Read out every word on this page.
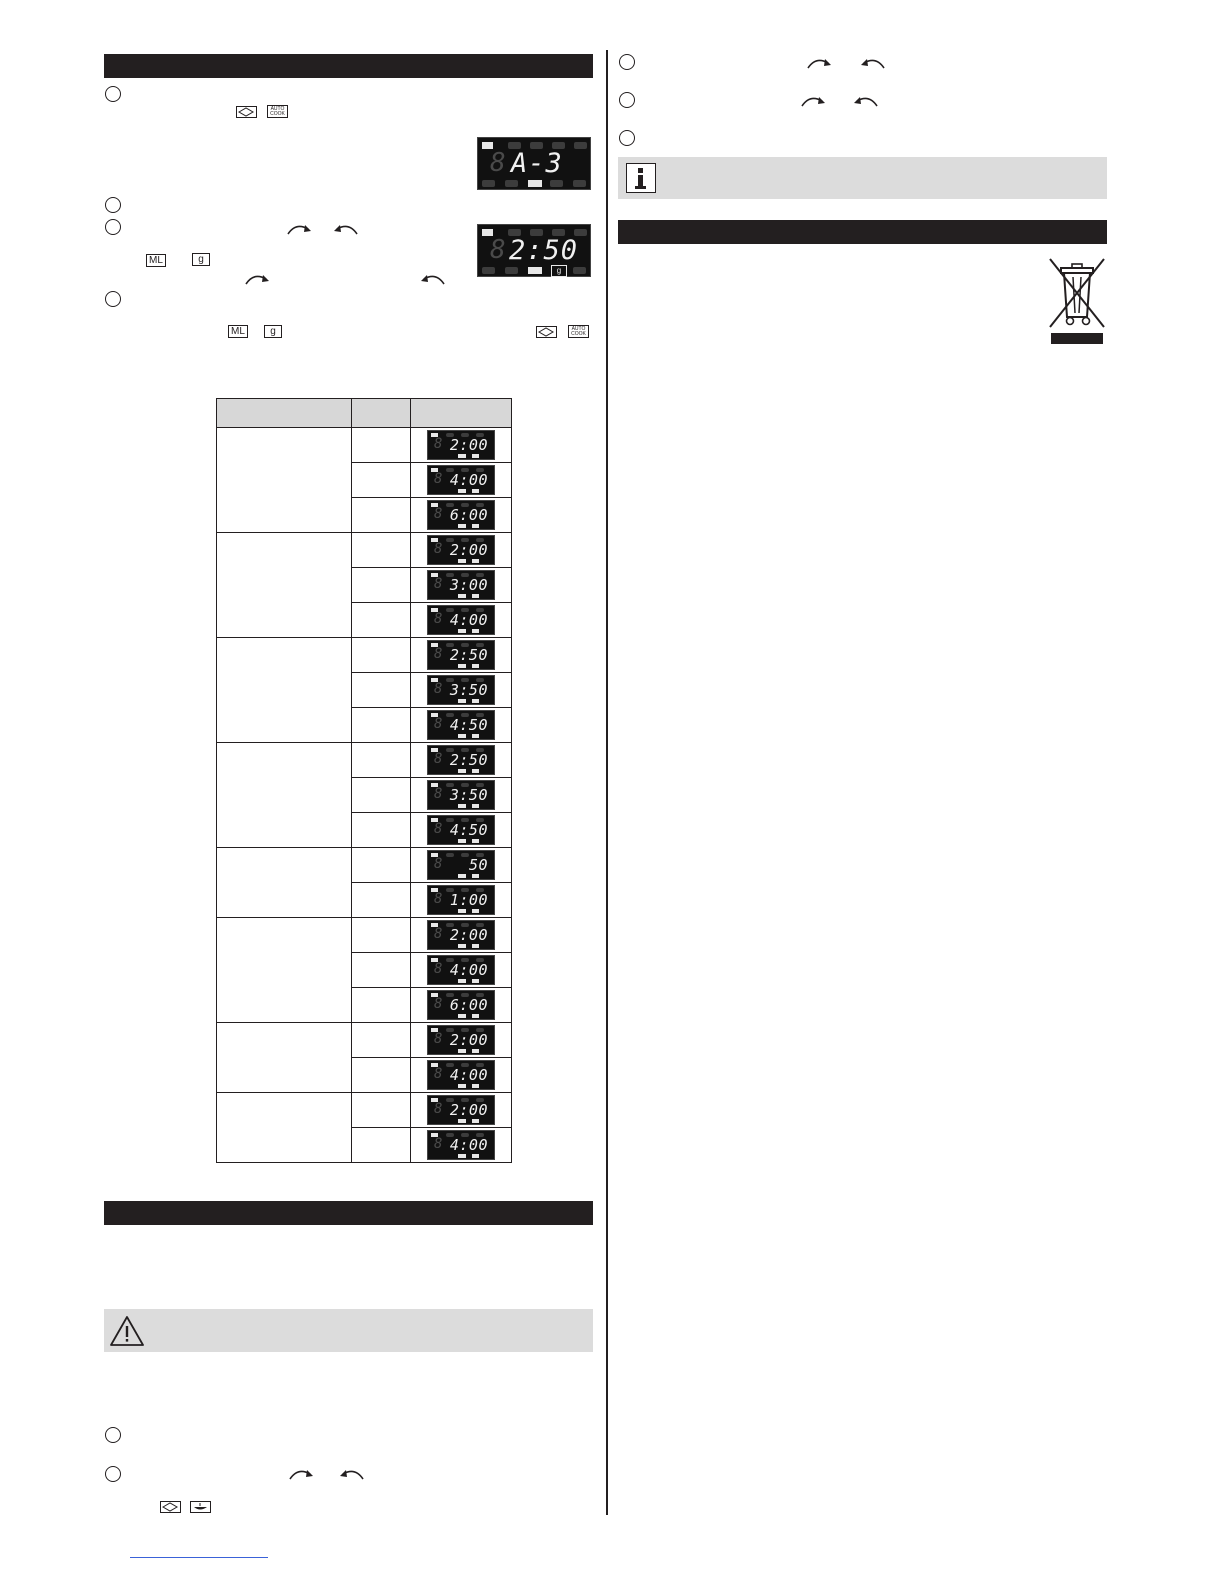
AUTO
COOK
8 A-3
ML	g	8 2:50
g
ML	g	AUTO
COOK

		8 2:00

		8 4:00

		8 6:00

		8 2:00

		8 3:00

		8 4:00

		8 2:50

		8 3:50

		8 4:50

		8 2:50

		8 3:50

		8 4:50

		8 50

		8 1:00

		8 2:00

		8 4:00

		8 6:00

		8 2:00

		8 4:00

		8 2:00

		8 4:00
